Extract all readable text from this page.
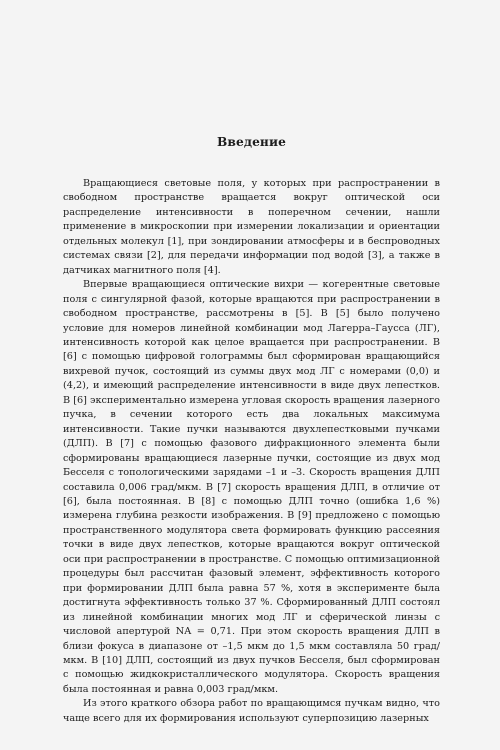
Введение

Вращающиеся световые поля, у которых при распространении в свободном пространстве вращается вокруг оптической оси распределение интенсивности в поперечном сечении, нашли применение в микроскопии при измерении локализации и ориентации отдельных молекул [1], при зондировании атмосферы и в беспроводных системах связи [2], для передачи информации под водой [3], а также в датчиках магнитного поля [4].

Впервые вращающиеся оптические вихри — когерентные световые поля с сингулярной фазой, которые вращаются при распространении в свободном пространстве, рассмотрены в [5]. В [5] было получено условие для номеров линейной комбинации мод Лагерра–Гаусса (ЛГ), интенсивность которой как целое вращается при распространении. В [6] с помощью цифровой голограммы был сформирован вращающийся вихревой пучок, состоящий из суммы двух мод ЛГ с номерами (0,0) и (4,2), и имеющий распределение интенсивности в виде двух лепестков. В [6] экспериментально измерена угловая скорость вращения лазерного пучка, в сечении которого есть два локальных максимума интенсивности. Такие пучки называются двухлепестковыми пучками (ДЛП). В [7] с помощью фазового дифракционного элемента были сформированы вращающиеся лазерные пучки, состоящие из двух мод Бесселя с топологическими зарядами –1 и –3. Скорость вращения ДЛП составила 0,006 град/мкм. В [7] скорость вращения ДЛП, в отличие от [6], была постоянная. В [8] с помощью ДЛП точно (ошибка 1,6 %) измерена глубина резкости изображения. В [9] предложено с помощью пространственного модулятора света формировать функцию рассеяния точки в виде двух лепестков, которые вращаются вокруг оптической оси при распространении в пространстве. С помощью оптимизационной процедуры был рассчитан фазовый элемент, эффективность которого при формировании ДЛП была равна 57 %, хотя в эксперименте была достигнута эффективность только 37 %. Сформированный ДЛП состоял из линейной комбинации многих мод ЛГ и сферической линзы с числовой апертурой NA = 0,71. При этом скорость вращения ДЛП в близи фокуса в диапазоне от –1,5 мкм до 1,5 мкм составляла 50 град/мкм. В [10] ДЛП, состоящий из двух пучков Бесселя, был сформирован с помощью жидкокристаллического модулятора. Скорость вращения была постоянная и равна 0,003 град/мкм.

Из этого краткого обзора работ по вращающимся пучкам видно, что чаще всего для их формирования используют суперпозицию лазерных
